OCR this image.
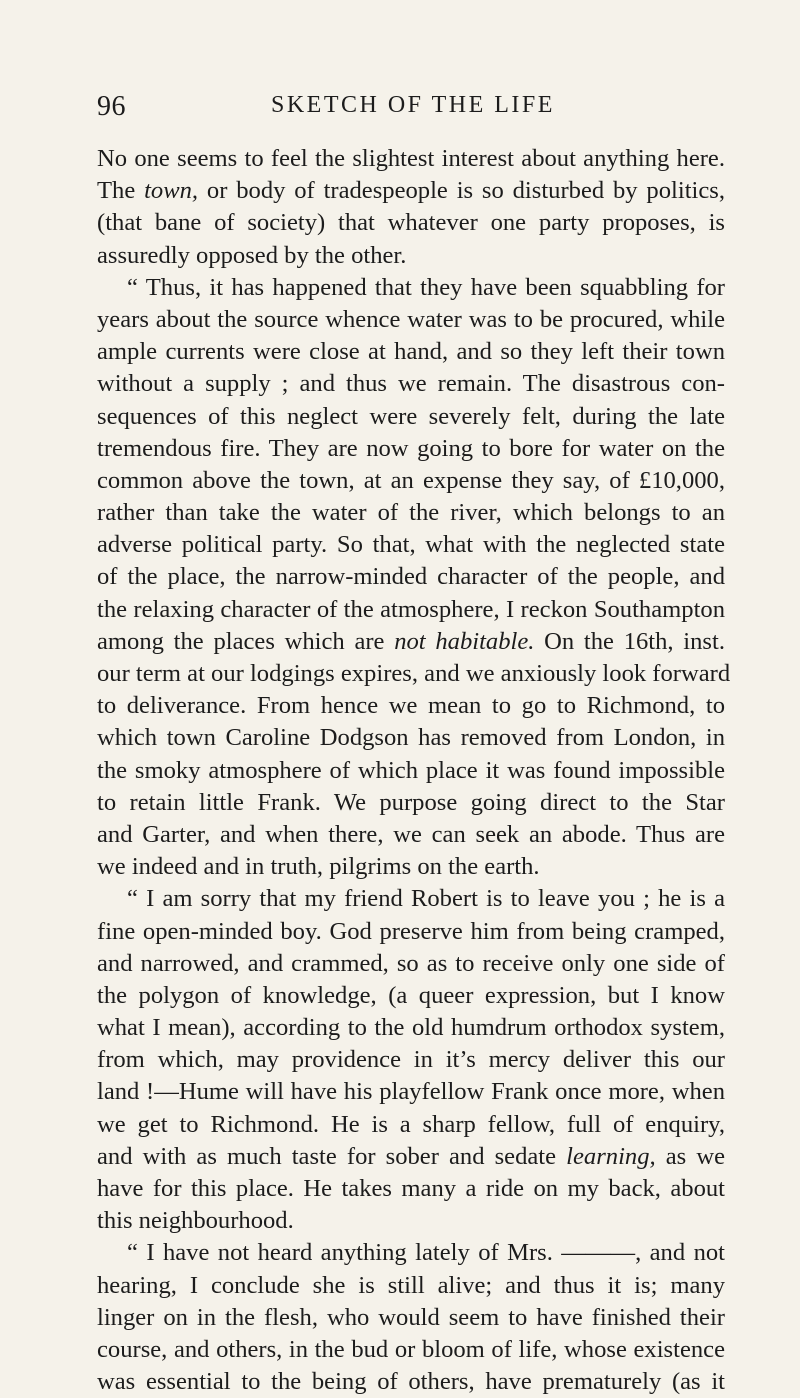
96	SKETCH OF THE LIFE
No one seems to feel the slightest interest about anything here.
The town, or body of tradespeople is so disturbed by politics,
(that bane of society) that whatever one party proposes, is
assuredly opposed by the other.
“ Thus, it has happened that they have been squabbling for
years about the source whence water was to be procured, while
ample currents were close at hand, and so they left their town
without a supply ; and thus we remain. The disastrous con-
sequences of this neglect were severely felt, during the late
tremendous fire. They are now going to bore for water on the
common above the town, at an expense they say, of £10,000,
rather than take the water of the river, which belongs to an
adverse political party. So that, what with the neglected state
of the place, the narrow-minded character of the people, and
the relaxing character of the atmosphere, I reckon Southampton
among the places which are not habitable. On the 16th, inst.
our term at our lodgings expires, and we anxiously look forward
to deliverance. From hence we mean to go to Richmond, to
which town Caroline Dodgson has removed from London, in
the smoky atmosphere of which place it was found impossible
to retain little Frank. We purpose going direct to the Star
and Garter, and when there, we can seek an abode. Thus are
we indeed and in truth, pilgrims on the earth.
“ I am sorry that my friend Robert is to leave you ; he is a
fine open-minded boy. God preserve him from being cramped,
and narrowed, and crammed, so as to receive only one side of
the polygon of knowledge, (a queer expression, but I know
what I mean), according to the old humdrum orthodox system,
from which, may providence in it’s mercy deliver this our
land !—Hume will have his playfellow Frank once more, when
we get to Richmond. He is a sharp fellow, full of enquiry,
and with as much taste for sober and sedate learning, as we
have for this place. He takes many a ride on my back, about
this neighbourhood.
“ I have not heard anything lately of Mrs. ———, and not
hearing, I conclude she is still alive; and thus it is; many
linger on in the flesh, who would seem to have finished their
course, and others, in the bud or bloom of life, whose existence
was essential to the being of others, have prematurely (as it
